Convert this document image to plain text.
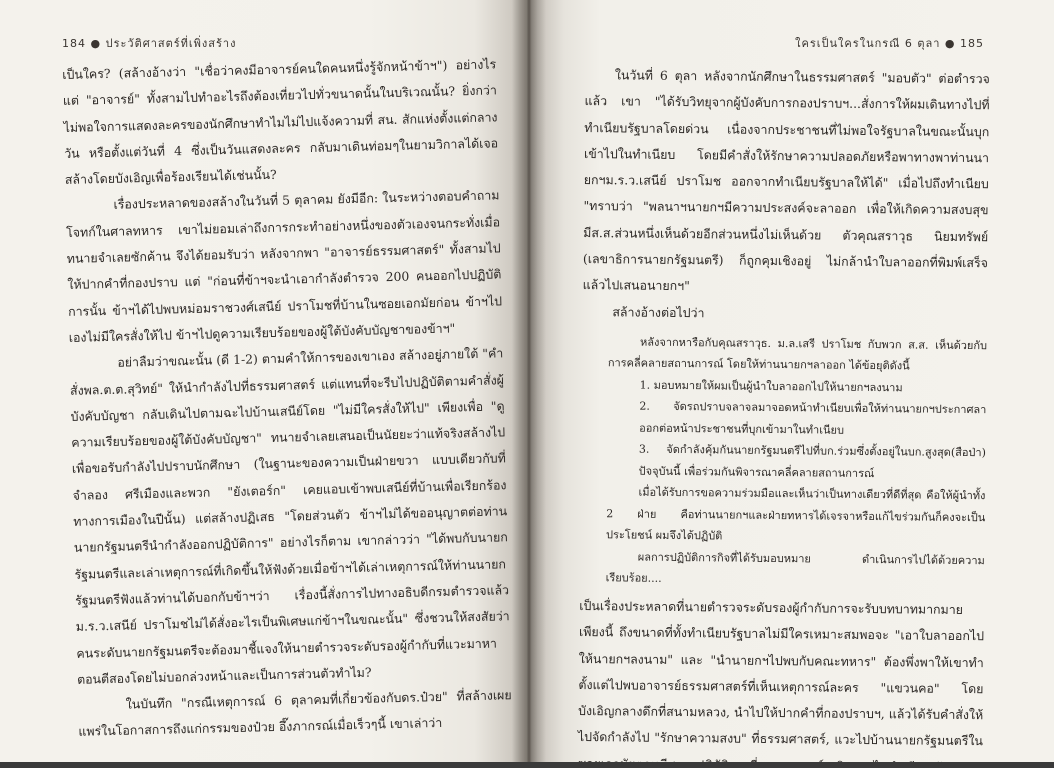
184 ● ประวัติศาสตร์ที่เพิ่งสร้าง

เป็นใคร? (สล้างอ้างว่า "เชื่อว่าคงมีอาจารย์คนใดคนหนึ่งรู้จักหน้าข้าฯ") อย่างไรแต่ "อาจารย์" ทั้งสามไปทำอะไรถึงต้องเที่ยวไปทั่วขนาดนั้นในบริเวณนั้น? ยิ่งกว่าไม่พอใจการแสดงละครของนักศึกษาทำไมไม่ไปแจ้งความที่ สน. สักแห่งตั้งแต่กลางวัน หรือตั้งแต่วันที่ 4 ซึ่งเป็นวันแสดงละคร กลับมาเดินท่อมๆในยามวิกาลได้เจอสล้างโดยบังเอิญเพื่อร้องเรียนได้เช่นนั้น?

เรื่องประหลาดของสล้างในวันที่ 5 ตุลาคม ยังมีอีก: ในระหว่างตอบคำถามโจทก์ในศาลทหาร เขาไม่ยอมเล่าถึงการกระทำอย่างหนึ่งของตัวเองจนกระทั่งเมื่อทนายจำเลยซักค้าน จึงได้ยอมรับว่า หลังจากพา "อาจารย์ธรรมศาสตร์" ทั้งสามไปให้ปากคำที่กองปราบ แต่ "ก่อนที่ข้าฯจะนำเอากำลังตำรวจ 200 คนออกไปปฏิบัติการนั้น ข้าฯได้ไปพบหม่อมราชวงศ์เสนีย์ ปราโมชที่บ้านในซอยเอกมัยก่อน ข้าฯไปเองไม่มีใครสั่งให้ไป ข้าฯไปดูความเรียบร้อยของผู้ใต้บังคับบัญชาของข้าฯ"

อย่าลืมว่าขณะนั้น (ดี 1-2) ตามคำให้การของเขาเอง สล้างอยู่ภายใต้ "คำสั่งพล.ต.ต.สุวิทย์" ให้นำกำลังไปที่ธรรมศาสตร์ แต่แทนที่จะรีบไปปฏิบัติตามคำสั่งผู้บังคับบัญชา กลับเดินไปตามฉะไปบ้านเสนีย์โดย "ไม่มีใครสั่งให้ไป" เพียงเพื่อ "ดูความเรียบร้อยของผู้ใต้บังคับบัญชา" ทนายจำเลยเสนอเป็นนัยยะว่าแท้จริงสล้างไปเพื่อขอรับกำลังไปปราบนักศึกษา (ในฐานะของความเป็นฝ่ายขวา แบบเดียวกับที่จำลอง ศรีเมืองและพวก "ยังเตอร์ก" เคยแอบเข้าพบเสนีย์ที่บ้านเพื่อเรียกร้องทางการเมืองในปีนั้น) แต่สล้างปฏิเสธ "โดยส่วนตัว ข้าฯไม่ได้ขออนุญาตต่อท่านนายกรัฐมนตรีนำกำลังออกปฏิบัติการ" อย่างไรก็ตาม เขากล่าวว่า "ได้พบกับนายกรัฐมนตรีและเล่าเหตุการณ์ที่เกิดขึ้นให้ฟังด้วยเมื่อข้าฯได้เล่าเหตุการณ์ให้ท่านนายกรัฐมนตรีฟังแล้วท่านได้บอกกับข้าฯว่า เรื่องนี้สั่งการไปทางอธิบดีกรมตำรวจแล้ว ม.ร.ว.เสนีย์ ปราโมชไม่ได้สั่งอะไรเป็นพิเศษแก่ข้าฯในขณะนั้น" ซึ่งชวนให้สงสัยว่าคนระดับนายกรัฐมนตรีจะต้องมาชี้แจงให้นายตำรวจระดับรองผู้กำกับที่แวะมาหาตอนตีสองโดยไม่บอกล่วงหน้าและเป็นการส่วนตัวทำไม?

ในบันทึก "กรณีเหตุการณ์ 6 ตุลาคมที่เกี่ยวข้องกับดร.ป๋วย" ที่สล้างเผยแพร่ในโอกาสการถึงแก่กรรมของป๋วย อึ๊งภากรณ์เมื่อเร็วๆนี้ เขาเล่าว่า

ใครเป็นใครในกรณี 6 ตุลา ● 185

ในวันที่ 6 ตุลา หลังจากนักศึกษาในธรรมศาสตร์ "มอบตัว" ต่อตำรวจแล้ว เขา "ได้รับวิทยุจากผู้บังคับการกองปราบฯ...สั่งการให้ผมเดินทางไปที่ทำเนียบรัฐบาลโดยด่วน เนื่องจากประชาชนที่ไม่พอใจรัฐบาลในขณะนั้นบุกเข้าไปในทำเนียบ โดยมีคำสั่งให้รักษาความปลอดภัยหรือพาทางพาท่านนายกฯม.ร.ว.เสนีย์ ปราโมช ออกจากทำเนียบรัฐบาลให้ได้" เมื่อไปถึงทำเนียบ "ทราบว่า "พลนาฯนายกฯมีความประสงค์จะลาออก เพื่อให้เกิดความสงบสุข มีส.ส.ส่วนหนึ่งเห็นด้วยอีกส่วนหนึ่งไม่เห็นด้วย ตัวคุณสราวุธ นิยมทรัพย์ (เลขาธิการนายกรัฐมนตรี) ก็ถูกคุมเชิงอยู่ ไม่กล้านำใบลาออกที่พิมพ์เสร็จแล้วไปเสนอนายกฯ"

สล้างอ้างต่อไปว่า

หลังจากหารือกับคุณสราวุธ. ม.ล.เสรี ปราโมช กับพวก ส.ส. เห็นด้วยกับการคลี่คลายสถานการณ์ โดยให้ท่านนายกฯลาออก ได้ข้อยุติดังนี้

1. มอบหมายให้ผมเป็นผู้นำใบลาออกไปให้นายกฯลงนาม
2. จัดรถปราบจลาจลมาจอดหน้าทำเนียบเพื่อให้ท่านนายกฯประกาศลาออกต่อหน้าประชาชนที่บุกเข้ามาในทำเนียบ
3. จัดกำลังคุ้มกันนายกรัฐมนตรีไปที่บก.ร่วมซึ่งตั้งอยู่ในบก.สูงสุด(สือป่า) ปัจจุบันนี้ เพื่อร่วมกันพิจารณาคลี่คลายสถานการณ์

เมื่อได้รับการขอความร่วมมือและเห็นว่าเป็นทางเดียวที่ดีที่สุด คือให้ผู้นำทั้ง 2 ฝ่าย คือท่านนายกฯและฝ่ายทหารได้เจรจาหรือแก้ไขร่วมกันก็คงจะเป็นประโยชน์ ผมจึงได้ปฏิบัติ

ผลการปฏิบัติการกิจที่ได้รับมอบหมาย ดำเนินการไปได้ด้วยความเรียบร้อย....

เป็นเรื่องประหลาดที่นายตำรวจระดับรองผู้กำกับการจะรับบทบาทมากมายเพียงนี้ ถึงขนาดที่ทั้งทำเนียบรัฐบาลไม่มีใครเหมาะสมพอจะ "เอาใบลาออกไปให้นายกฯลงนาม" และ "นำนายกฯไปพบกับคณะทหาร" ต้องพึ่งพาให้เขาทำ ตั้งแต่ไปพบอาจารย์ธรรมศาสตร์ที่เห็นเหตุการณ์ละคร "แขวนคอ" โดยบังเอิญกลางดึกที่สนามหลวง, นำไปให้ปากคำที่กองปราบฯ, แล้วได้รับคำสั่งให้ไปจัดกำลังไป "รักษาความสงบ" ที่ธรรมศาสตร์, แวะไปบ้านนายกรัฐมนตรีในซอยเอกมัยตอนตีสอง,
